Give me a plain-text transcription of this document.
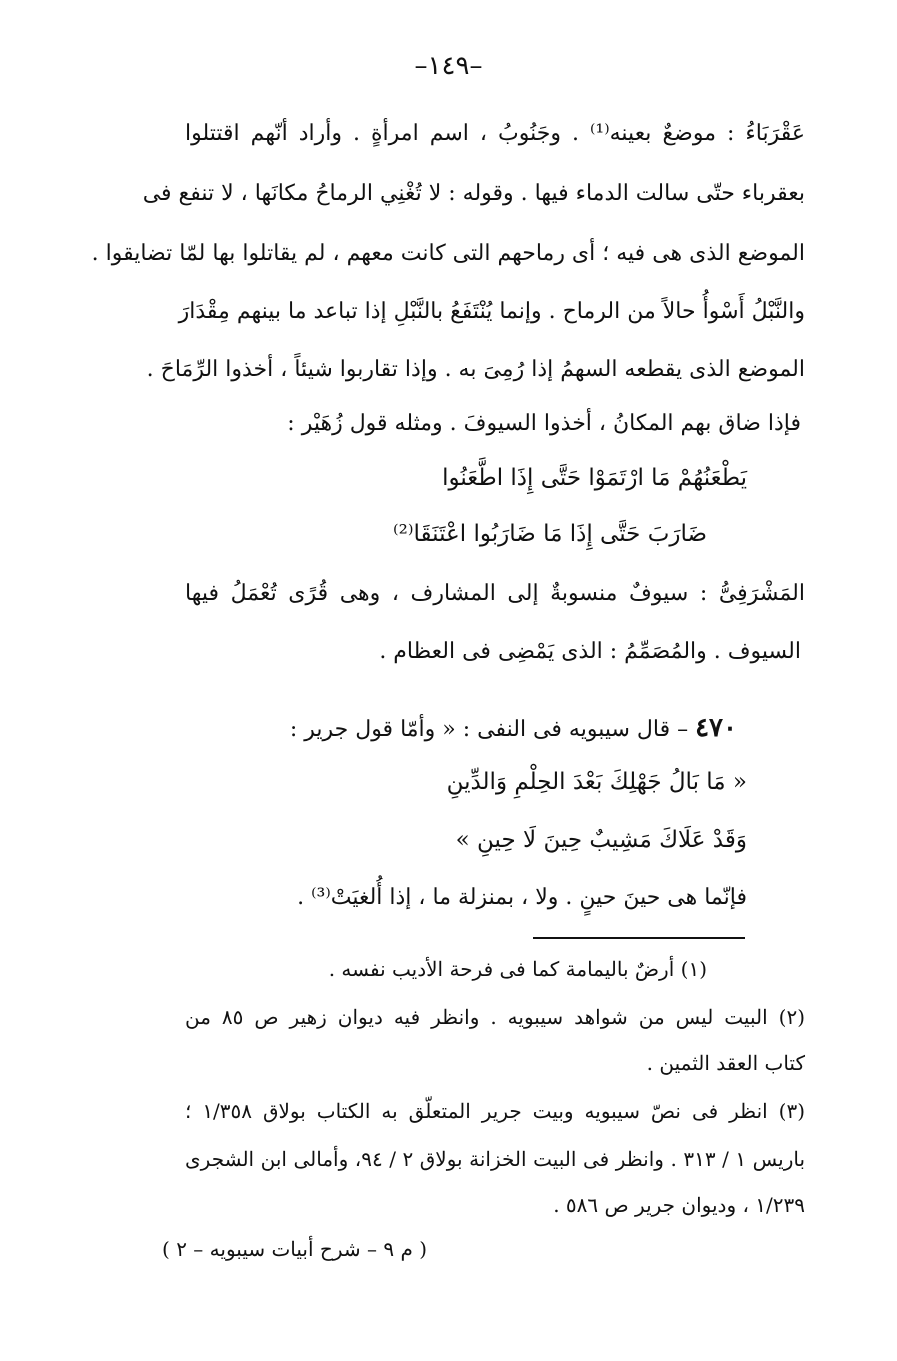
–١٤٩–
عَقْرَبَاءُ : موضعٌ بعينه⁽¹⁾ . وجَنُوبُ ، اسم امرأةٍ . وأراد أنّهم اقتتلوا
بعقرباء حتّى سالت الدماء فيها . وقوله : لا تُغْنِي الرماحُ مكانَها ، لا تنفع فى
الموضع الذى هى فيه ؛ أى رماحهم التى كانت معهم ، لم يقاتلوا بها لمّا تضايقوا .
والنَّبْلُ أَسْوأُ حالاً من الرماح . وإنما يُنْتَفَعُ بالنَّبْلِ إذا تباعد ما بينهم مِقْدَارَ
الموضع الذى يقطعه السهمُ إذا رُمِىَ به . وإذا تقاربوا شيئاً ، أخذوا الرِّمَاحَ .
فإذا ضاق بهم المكانُ ، أخذوا السيوفَ . ومثله قول زُهَيْر :
يَطْعَنُهُمْ مَا ارْتَمَوْا حَتَّى إِذَا اطَّعَنُوا
ضَارَبَ حَتَّى إِذَا مَا ضَارَبُوا اعْتَنَقَا⁽²⁾
المَشْرَفِىُّ : سيوفٌ منسوبةٌ إلى المشارف ، وهى قُرًى تُعْمَلُ فيها
السيوف . والمُصَمِّمُ : الذى يَمْضِى فى العظام .
٤٧٠ – قال سيبويه فى النفى : « وأمّا قول جرير :
« مَا بَالُ جَهْلِكَ بَعْدَ الحِلْمِ وَالدِّينِ
وَقَدْ عَلَاكَ مَشِيبٌ حِينَ لَا حِينِ »
فإنّما هى حينَ حينٍ . ولا ، بمنزلة ما ، إذا أُلغيَتْ⁽³⁾ .
(١) أرضٌ باليمامة كما فى فرحة الأديب نفسه .
(٢) البيت ليس من شواهد سيبويه . وانظر فيه ديوان زهير ص ٨٥ من
كتاب العقد الثمين .
(٣) انظر فى نصّ سيبويه وبيت جرير المتعلّق به الكتاب بولاق ١/٣٥٨ ؛
باريس ١ / ٣١٣ . وانظر فى البيت الخزانة بولاق ٢ / ٩٤، وأمالى ابن الشجرى
١/٢٣٩ ، وديوان جرير ص ٥٨٦ .
( م ٩ – شرح أبيات سيبويه – ٢ )
